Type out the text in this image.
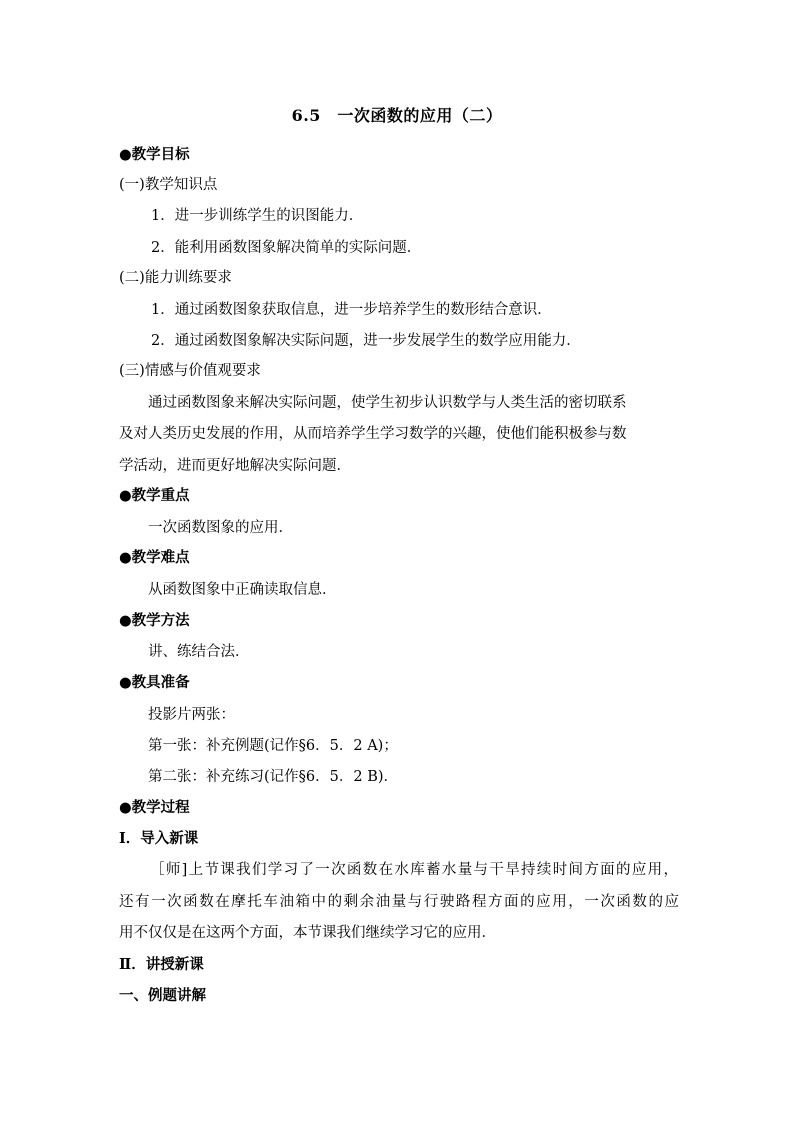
6.5　一次函数的应用（二）
●教学目标
(一)教学知识点
1．进一步训练学生的识图能力．
2．能利用函数图象解决简单的实际问题．
(二)能力训练要求
1．通过函数图象获取信息，进一步培养学生的数形结合意识．
2．通过函数图象解决实际问题，进一步发展学生的数学应用能力．
(三)情感与价值观要求
通过函数图象来解决实际问题，使学生初步认识数学与人类生活的密切联系
及对人类历史发展的作用，从而培养学生学习数学的兴趣，使他们能积极参与数
学活动，进而更好地解决实际问题．
●教学重点
一次函数图象的应用．
●教学难点
从函数图象中正确读取信息．
●教学方法
讲、练结合法．
●教具准备
投影片两张：
第一张：补充例题(记作§6．5．2 A)；
第二张：补充练习(记作§6．5．2 B)．
●教学过程
Ⅰ．导入新课
［师]上节课我们学习了一次函数在水库蓄水量与干旱持续时间方面的应用，
还有一次函数在摩托车油箱中的剩余油量与行驶路程方面的应用，一次函数的应
用不仅仅是在这两个方面，本节课我们继续学习它的应用．
Ⅱ．讲授新课
一、例题讲解
